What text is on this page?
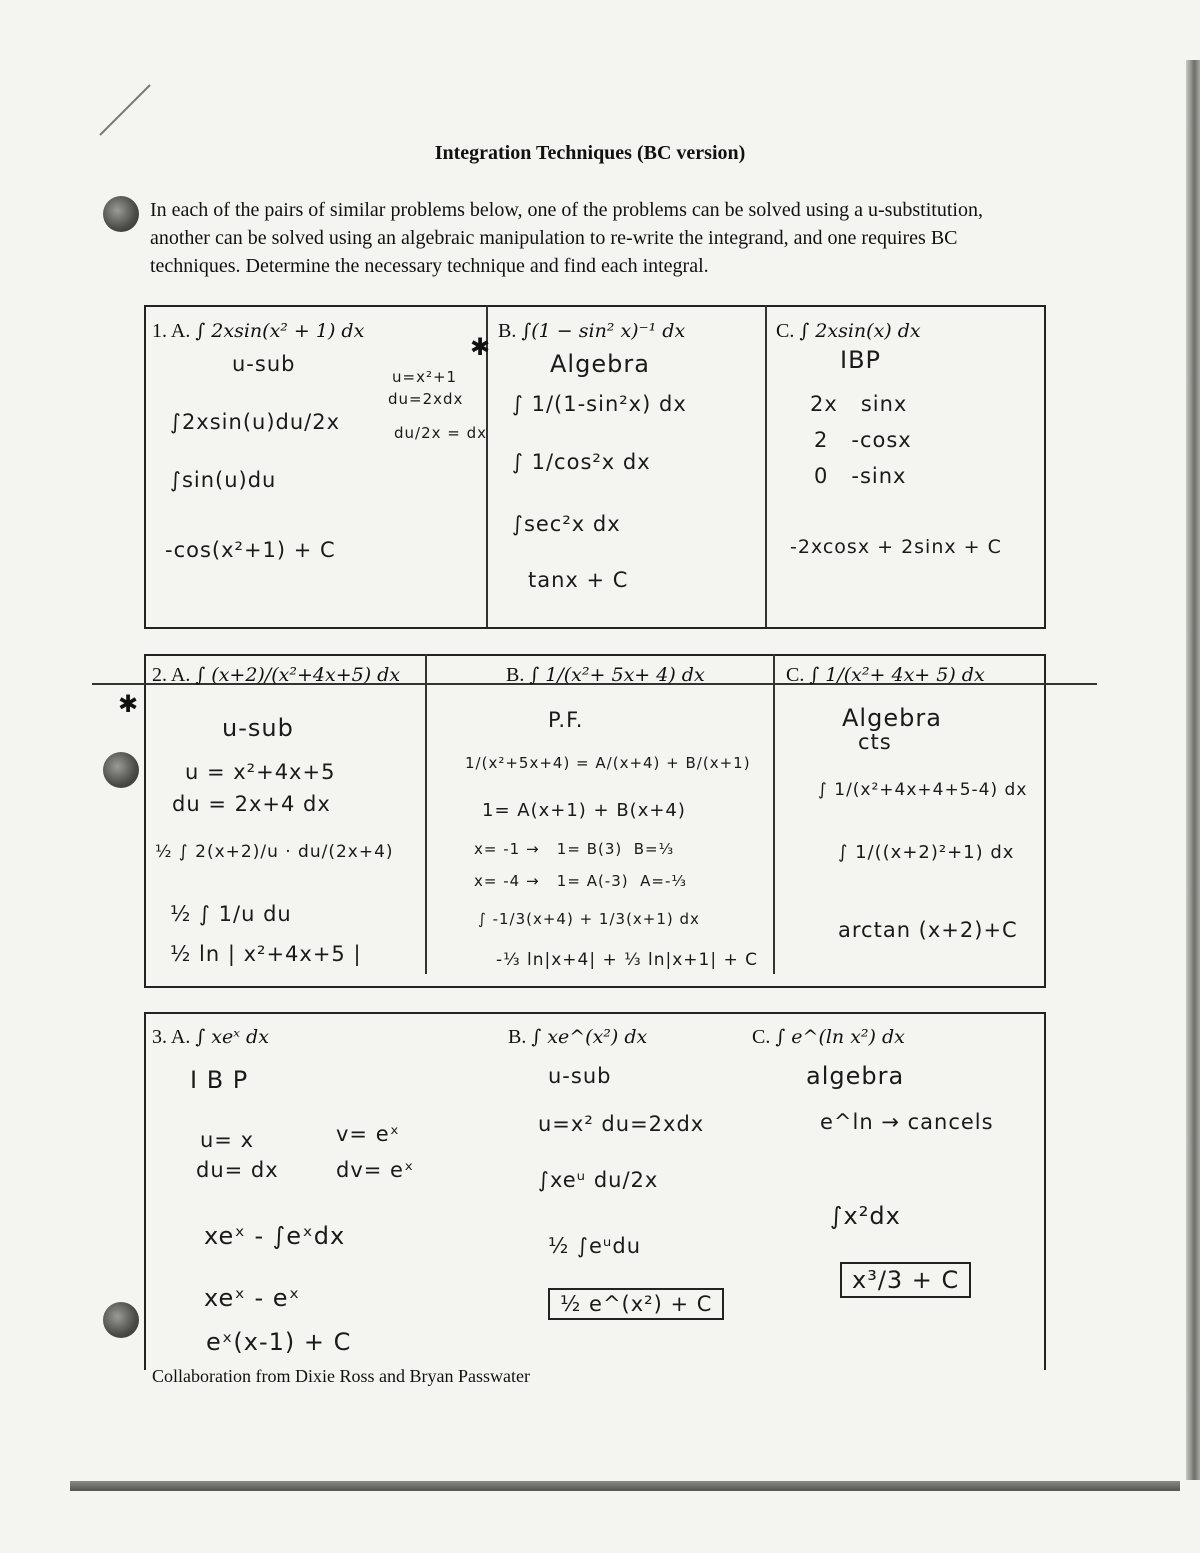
Integration Techniques (BC version)
In each of the pairs of similar problems below, one of the problems can be solved using a u-substitution, another can be solved using an algebraic manipulation to re-write the integrand, and one requires BC techniques. Determine the necessary technique and find each integral.
1. A. ∫ 2xsin(x² + 1) dx
u-sub
u=x²+1
du=2xdx
du/2x = dx
∫2xsin(u)du/2x
∫sin(u)du
-cos(x²+1) + C
✱
B. ∫(1 − sin² x)⁻¹ dx
Algebra
∫ 1/(1-sin²x) dx
∫ 1/cos²x dx
∫sec²x dx
tanx + C
C. ∫ 2xsin(x) dx
IBP
2x   sinx
2   -cosx
0   -sinx
-2xcosx + 2sinx + C
✱
2. A. ∫ (x+2)/(x²+4x+5) dx
u-sub
u = x²+4x+5
du = 2x+4 dx
½ ∫ 2(x+2)/u · du/(2x+4)
½ ∫ 1/u du
½ ln | x²+4x+5 |
B. ∫ 1/(x²+ 5x+ 4) dx
P.F.
1/(x²+5x+4) = A/(x+4) + B/(x+1)
1= A(x+1) + B(x+4)
x= -1 →   1= B(3)  B=⅓
x= -4 →   1= A(-3)  A=-⅓
∫ -1/3(x+4) + 1/3(x+1) dx
-⅓ ln|x+4| + ⅓ ln|x+1| + C
C. ∫ 1/(x²+ 4x+ 5) dx
Algebra
cts
∫ 1/(x²+4x+4+5-4) dx
∫ 1/((x+2)²+1) dx
arctan (x+2)+C
3. A. ∫ xeˣ dx
I B P
u= x
du= dx
v= eˣ
dv= eˣ
xeˣ - ∫eˣdx
xeˣ - eˣ
eˣ(x-1) + C
B. ∫ xe^(x²) dx
u-sub
u=x² du=2xdx
∫xeᵘ du/2x
½ ∫eᵘdu
½ e^(x²) + C
C. ∫ e^(ln x²) dx
algebra
e^ln → cancels
∫x²dx
x³/3 + C
Collaboration from Dixie Ross and Bryan Passwater
